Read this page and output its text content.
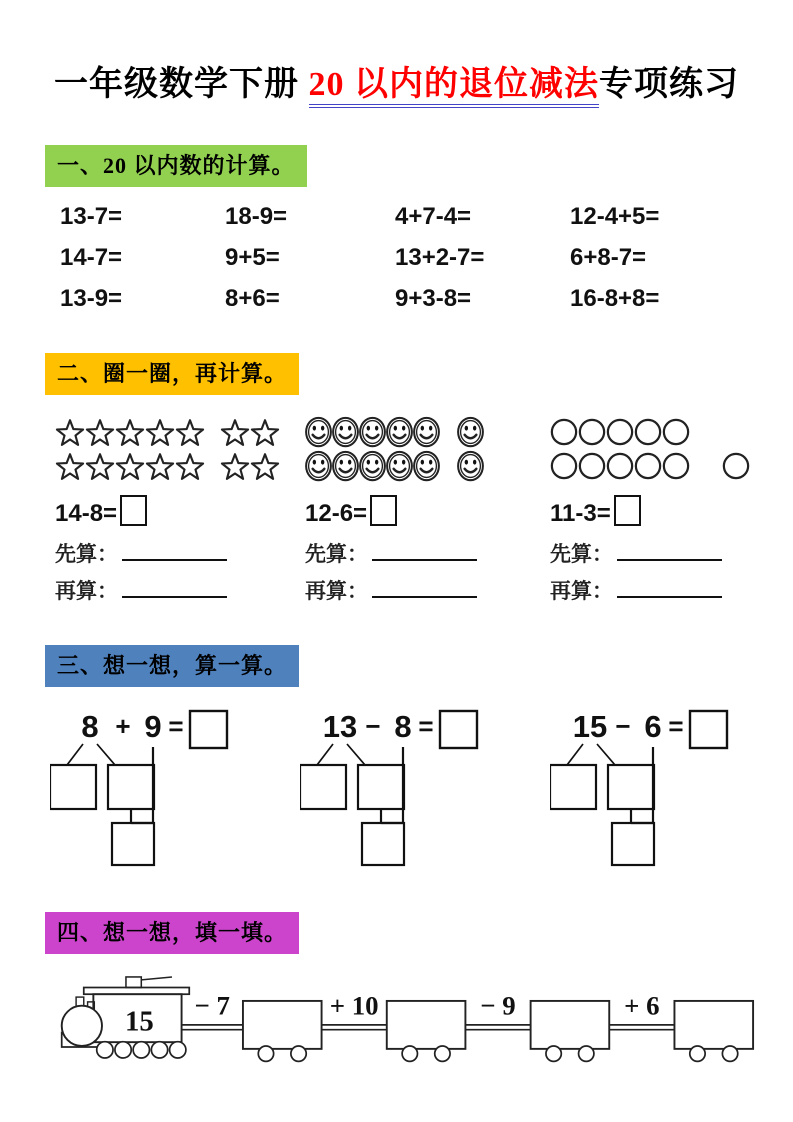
一年级数学下册 20 以内的退位减法专项练习
一、20 以内数的计算。
13-7=	18-9=	4+7-4=	12-4+5=
14-7=	9+5=	13+2-7=	6+8-7=
13-9=	8+6=	9+3-8=	16-8+8=
二、圈一圈，再计算。
14-8=
先算：
再算：
12-6=
先算：
再算：
11-3=
先算：
再算：
三、想一想，算一算。
8 + 9 =	13 − 8 =	15 − 6 =
四、想一想，填一填。
15
− 7	+ 10	− 9	+ 6
